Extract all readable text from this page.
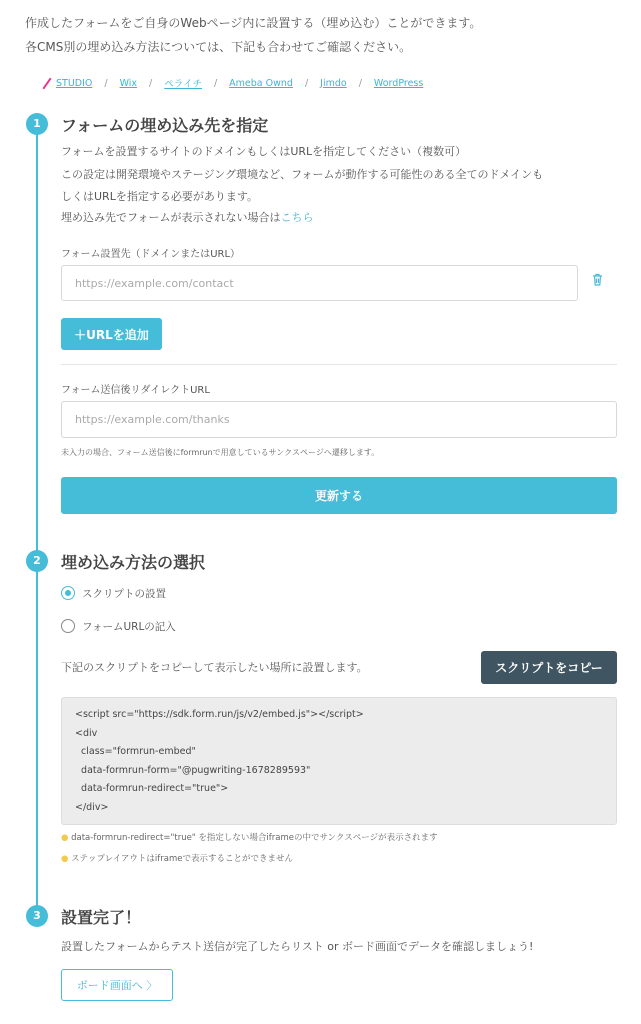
作成したフォームをご自身のWebページ内に設置する（埋め込む）ことができます。
各CMS別の埋め込み方法については、下記も合わせてご確認ください。
STUDIO / Wix / ペライチ / Ameba Ownd / Jimdo / WordPress
1	フォームの埋め込み先を指定
フォームを設置するサイトのドメインもしくはURLを指定してください（複数可）
この設定は開発環境やステージング環境など、フォームが動作する可能性のある全てのドメインも
しくはURLを指定する必要があります。
埋め込み先でフォームが表示されない場合はこちら
フォーム設置先（ドメインまたはURL）
https://example.com/contact
＋URLを追加
フォーム送信後リダイレクトURL
https://example.com/thanks
未入力の場合、フォーム送信後にformrunで用意しているサンクスページへ遷移します。
更新する
2	埋め込み方法の選択
スクリプトの設置
フォームURLの記入
下記のスクリプトをコピーして表示したい場所に設置します。	スクリプトをコピー
<script src="https://sdk.form.run/js/v2/embed.js"></script>
<div
class="formrun-embed"
data-formrun-form="@pugwriting-1678289593"
data-formrun-redirect="true">
</div>
● data-formrun-redirect="true" を指定しない場合iframeの中でサンクスページが表示されます
● ステップレイアウトはiframeで表示することができません
3	設置完了！
設置したフォームからテスト送信が完了したらリスト or ボード画面でデータを確認しましょう!
ボード画面へ 〉
